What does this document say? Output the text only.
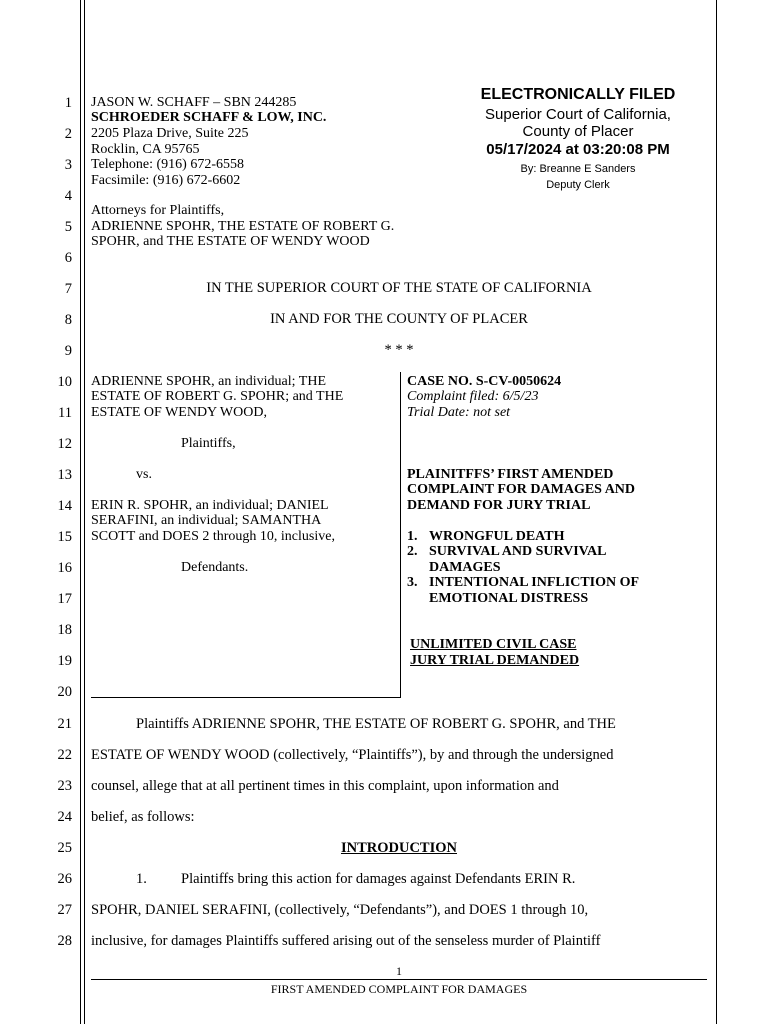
1
2
3
4
5
6
7
8
9
10
11
12
13
14
15
16
17
18
19
20
21
22
23
24
25
26
27
28
JASON W. SCHAFF – SBN 244285
SCHROEDER SCHAFF & LOW, INC.
2205 Plaza Drive, Suite 225
Rocklin, CA 95765
Telephone: (916) 672-6558
Facsimile: (916) 672-6602
Attorneys for Plaintiffs,
ADRIENNE SPOHR, THE ESTATE OF ROBERT G.
SPOHR, and THE ESTATE OF WENDY WOOD
ELECTRONICALLY FILED
Superior Court of California,
County of Placer
05/17/2024 at 03:20:08 PM
By: Breanne E Sanders
Deputy Clerk
IN THE SUPERIOR COURT OF THE STATE OF CALIFORNIA
IN AND FOR THE COUNTY OF PLACER
* * *
ADRIENNE SPOHR, an individual; THE
ESTATE OF ROBERT G. SPOHR; and THE
ESTATE OF WENDY WOOD,
Plaintiffs,
vs.
ERIN R. SPOHR, an individual; DANIEL
SERAFINI, an individual; SAMANTHA
SCOTT and DOES 2 through 10, inclusive,
Defendants.
CASE NO. S-CV-0050624
Complaint filed: 6/5/23
Trial Date: not set
PLAINITFFS’ FIRST AMENDED
COMPLAINT FOR DAMAGES AND
DEMAND FOR JURY TRIAL
1. WRONGFUL DEATH
2. SURVIVAL AND SURVIVAL
DAMAGES
3. INTENTIONAL INFLICTION OF
EMOTIONAL DISTRESS
UNLIMITED CIVIL CASE
JURY TRIAL DEMANDED
Plaintiffs ADRIENNE SPOHR, THE ESTATE OF ROBERT G. SPOHR, and THE
ESTATE OF WENDY WOOD (collectively, “Plaintiffs”), by and through the undersigned
counsel, allege that at all pertinent times in this complaint, upon information and
belief, as follows:
INTRODUCTION
1. Plaintiffs bring this action for damages against Defendants ERIN R.
SPOHR, DANIEL SERAFINI, (collectively, “Defendants”), and DOES 1 through 10,
inclusive, for damages Plaintiffs suffered arising out of the senseless murder of Plaintiff
1
FIRST AMENDED COMPLAINT FOR DAMAGES
